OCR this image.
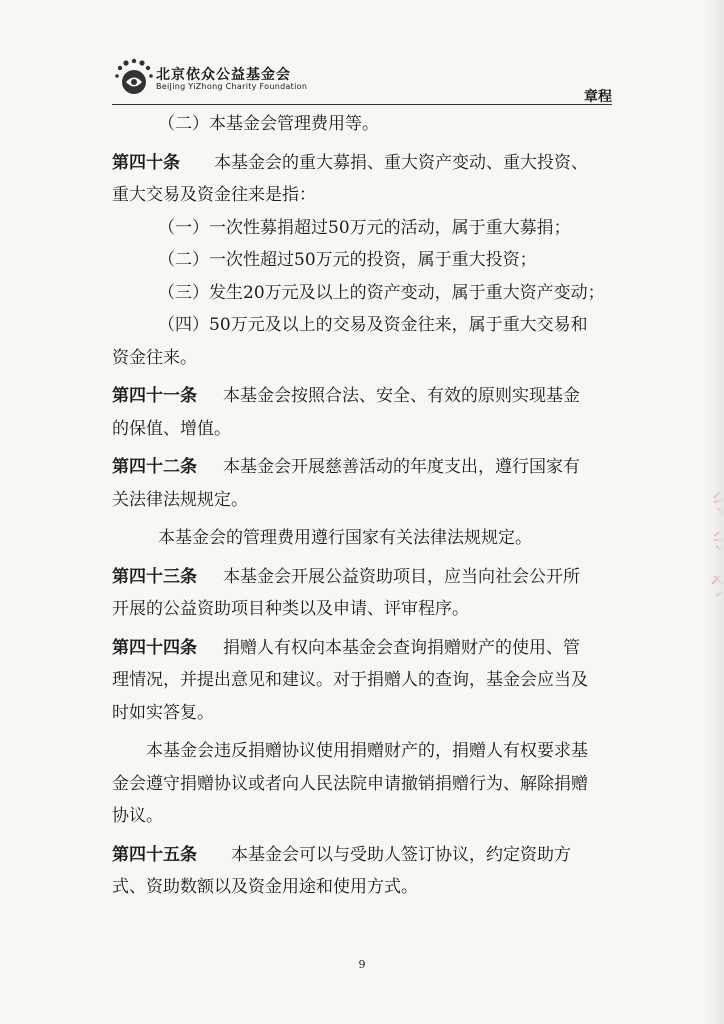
北京依众公益基金会
BeiJing YiZhong Charity Foundation
章程
（二）本基金会管理费用等。
第四十条 本基金会的重大募捐、重大资产变动、重大投资、
重大交易及资金往来是指：
（一）一次性募捐超过50万元的活动，属于重大募捐；
（二）一次性超过50万元的投资，属于重大投资；
（三）发生20万元及以上的资产变动，属于重大资产变动；
（四）50万元及以上的交易及资金往来，属于重大交易和
资金往来。
第四十一条 本基金会按照合法、安全、有效的原则实现基金
的保值、增值。
第四十二条 本基金会开展慈善活动的年度支出，遵行国家有
关法律法规规定。
本基金会的管理费用遵行国家有关法律法规规定。
第四十三条 本基金会开展公益资助项目，应当向社会公开所
开展的公益资助项目种类以及申请、评审程序。
第四十四条 捐赠人有权向本基金会查询捐赠财产的使用、管
理情况，并提出意见和建议。对于捐赠人的查询，基金会应当及
时如实答复。
本基金会违反捐赠协议使用捐赠财产的，捐赠人有权要求基
金会遵守捐赠协议或者向人民法院申请撤销捐赠行为、解除捐赠
协议。
第四十五条 本基金会可以与受助人签订协议，约定资助方
式、资助数额以及资金用途和使用方式。
9
